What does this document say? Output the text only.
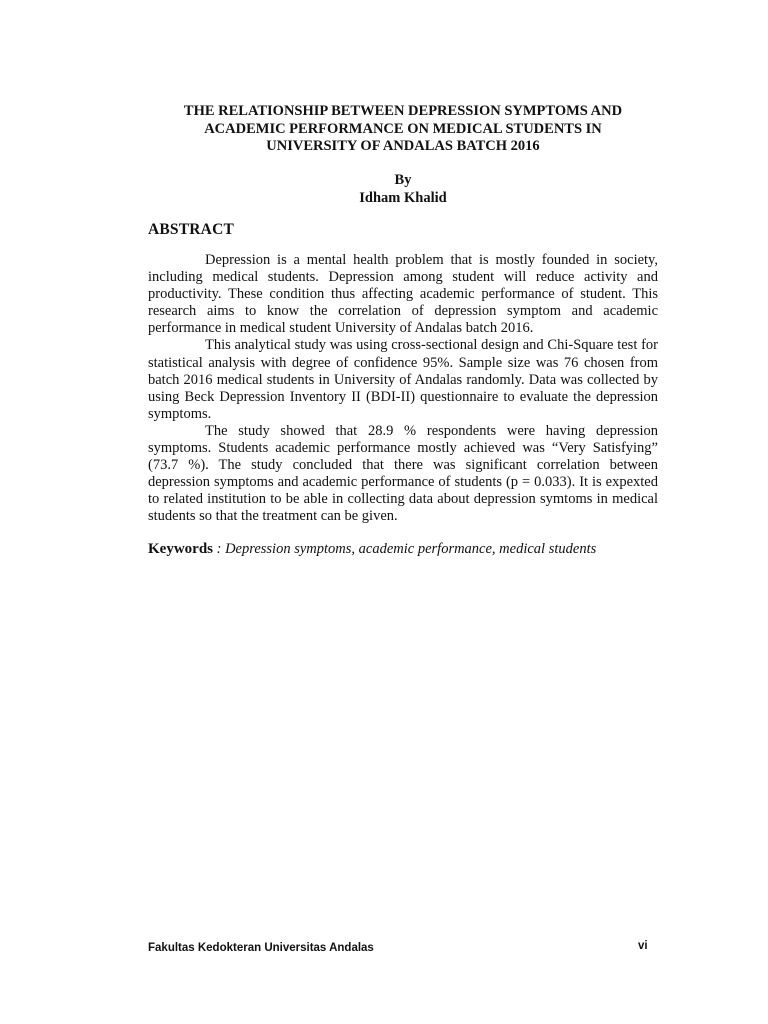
THE RELATIONSHIP BETWEEN DEPRESSION SYMPTOMS AND
ACADEMIC PERFORMANCE ON MEDICAL STUDENTS IN
UNIVERSITY OF ANDALAS BATCH 2016
By
Idham Khalid
ABSTRACT

Depression is a mental health problem that is mostly founded in society, including medical students. Depression among student will reduce activity and productivity. These condition thus affecting academic performance of student. This research aims to know the correlation of depression symptom and academic performance in medical student University of Andalas batch 2016.

This analytical study was using cross-sectional design and Chi-Square test for statistical analysis with degree of confidence 95%. Sample size was 76 chosen from batch 2016 medical students in University of Andalas randomly. Data was collected by using Beck Depression Inventory II (BDI-II) questionnaire to evaluate the depression symptoms.

The study showed that 28.9 % respondents were having depression symptoms. Students academic performance mostly achieved was “Very Satisfying” (73.7 %). The study concluded that there was significant correlation between depression symptoms and academic performance of students (p = 0.033). It is expexted to related institution to be able in collecting data about depression symtoms in medical students so that the treatment can be given.

Keywords : Depression symptoms, academic performance, medical students
Fakultas Kedokteran Universitas Andalas	vi
